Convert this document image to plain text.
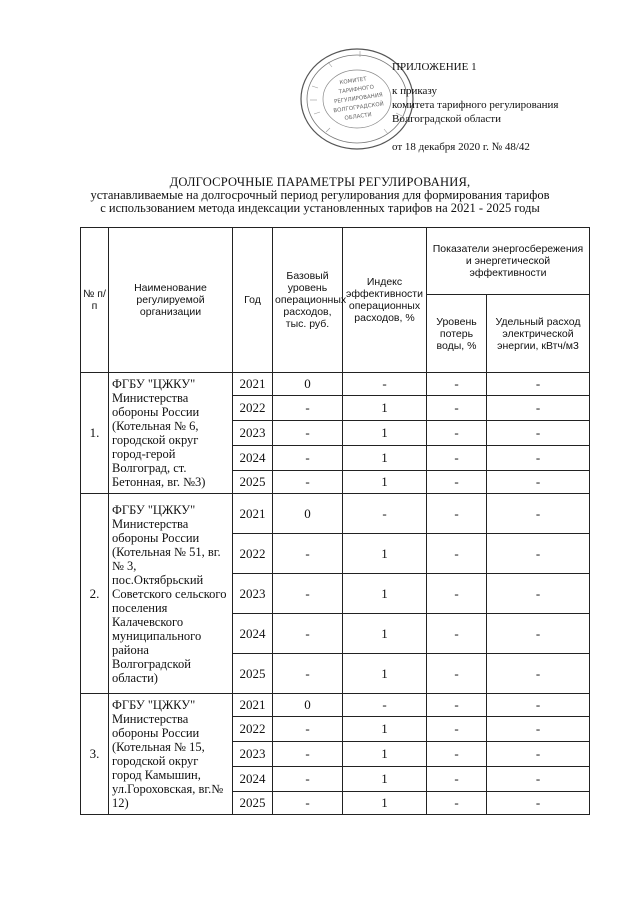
КОМИТЕТ
ТАРИФНОГО
РЕГУЛИРОВАНИЯ
ВОЛГОГРАДСКОЙ
ОБЛАСТИ
ПРИЛОЖЕНИЕ 1
к приказу
комитета тарифного регулирования
Волгоградской области
от 18 декабря 2020 г. № 48/42
ДОЛГОСРОЧНЫЕ ПАРАМЕТРЫ РЕГУЛИРОВАНИЯ,
устанавливаемые на долгосрочный период регулирования для формирования тарифов
с использованием метода индексации установленных тарифов на 2021 - 2025 годы
№ п/п	Наименование регулируемой организации	Год	Базовый уровень операционных расходов, тыс. руб.	Индекс эффективности операционных расходов, %	Показатели энергосбережения и энергетической эффективности	
					Уровень потерь воды, %	Удельный расход электрической энергии, кВтч/м3
1.	ФГБУ "ЦЖКУ" Министерства обороны России (Котельная № 6, городской округ город-герой Волгоград, ст. Бетонная, вг. №3)	2021	0	-	-	-
		2022	-	1	-	-
		2023	-	1	-	-
		2024	-	1	-	-
		2025	-	1	-	-
2.	ФГБУ "ЦЖКУ" Министерства обороны России (Котельная № 51, вг. № 3, пос.Октябрьский Советского сельского поселения Калачевского муниципального района Волгоградской области)	2021	0	-	-	-
		2022	-	1	-	-
		2023	-	1	-	-
		2024	-	1	-	-
		2025	-	1	-	-
3.	ФГБУ "ЦЖКУ" Министерства обороны России (Котельная № 15, городской округ город Камышин, ул.Гороховская, вг.№ 12)	2021	0	-	-	-
		2022	-	1	-	-
		2023	-	1	-	-
		2024	-	1	-	-
		2025	-	1	-	-
